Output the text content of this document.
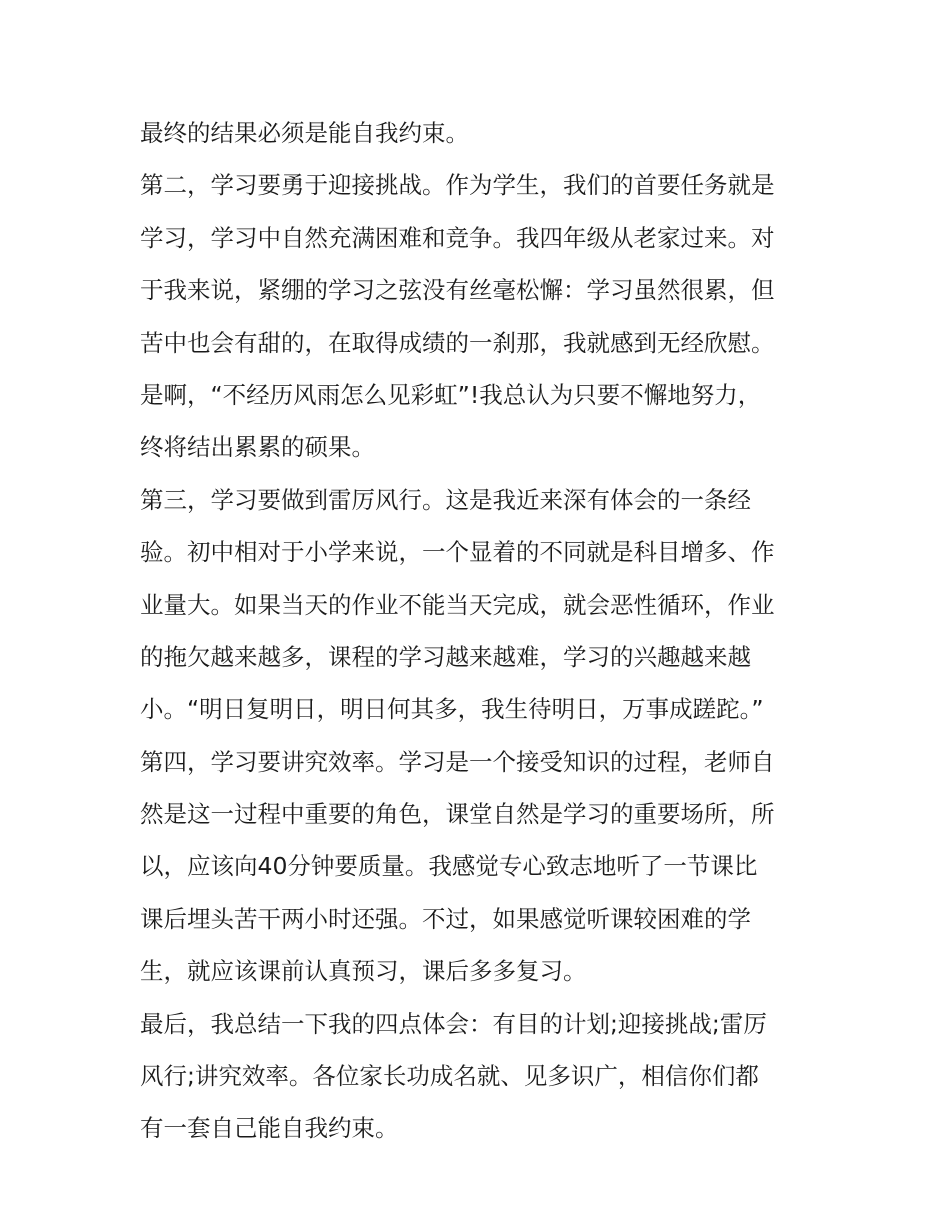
最终的结果必须是能自我约束。
第二，学习要勇于迎接挑战。作为学生，我们的首要任务就是
学习，学习中自然充满困难和竞争。我四年级从老家过来。对
于我来说，紧绷的学习之弦没有丝毫松懈：学习虽然很累，但
苦中也会有甜的，在取得成绩的一刹那，我就感到无经欣慰。
是啊，“不经历风雨怎么见彩虹”!我总认为只要不懈地努力，
终将结出累累的硕果。
第三，学习要做到雷厉风行。这是我近来深有体会的一条经
验。初中相对于小学来说，一个显着的不同就是科目增多、作
业量大。如果当天的作业不能当天完成，就会恶性循环，作业
的拖欠越来越多，课程的学习越来越难，学习的兴趣越来越
小。“明日复明日，明日何其多，我生待明日，万事成蹉跎。”
第四，学习要讲究效率。学习是一个接受知识的过程，老师自
然是这一过程中重要的角色，课堂自然是学习的重要场所，所
以，应该向40分钟要质量。我感觉专心致志地听了一节课比
课后埋头苦干两小时还强。不过，如果感觉听课较困难的学
生，就应该课前认真预习，课后多多复习。
最后，我总结一下我的四点体会：有目的计划;迎接挑战;雷厉
风行;讲究效率。各位家长功成名就、见多识广，相信你们都
有一套自己能自我约束。
